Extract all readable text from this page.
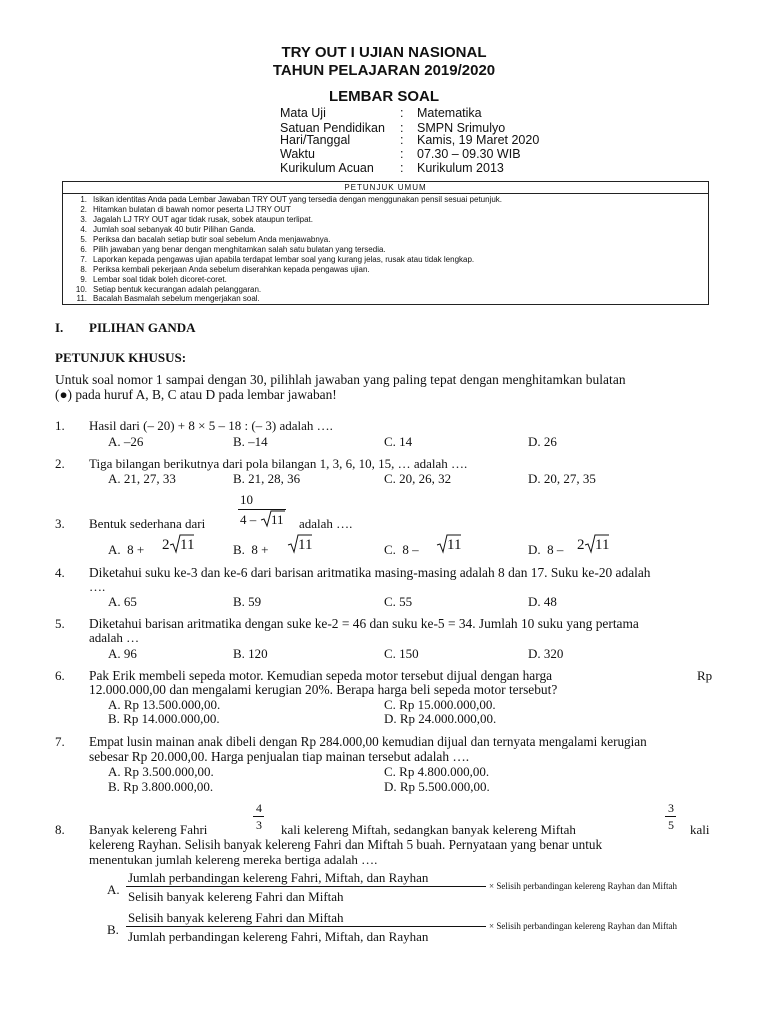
TRY OUT I UJIAN NASIONAL
TAHUN PELAJARAN 2019/2020
LEMBAR SOAL
Mata Uji	: Matematika
Satuan Pendidikan : SMPN Srimulyo
Hari/Tanggal	: Kamis, 19 Maret 2020
Waktu	: 07.30 – 09.30 WIB
Kurikulum Acuan : Kurikulum 2013
PETUNJUK UMUM
1. Isikan identitas Anda pada Lembar Jawaban TRY OUT yang tersedia dengan menggunakan pensil sesuai petunjuk.
2. Hitamkan bulatan di bawah nomor peserta LJ TRY OUT
3. Jagalah LJ TRY OUT agar tidak rusak, sobek ataupun terlipat.
4. Jumlah soal sebanyak 40 butir Pilihan Ganda.
5. Periksa dan bacalah setiap butir soal sebelum Anda menjawabnya.
6. Pilih jawaban yang benar dengan menghitamkan salah satu bulatan yang tersedia.
7. Laporkan kepada pengawas ujian apabila terdapat lembar soal yang kurang jelas, rusak atau tidak lengkap.
8. Periksa kembali pekerjaan Anda sebelum diserahkan kepada pengawas ujian.
9. Lembar soal tidak boleh dicoret-coret.
10. Setiap bentuk kecurangan adalah pelanggaran.
11. Bacalah Basmalah sebelum mengerjakan soal.
I. PILIHAN GANDA
PETUNJUK KHUSUS:
Untuk soal nomor 1 sampai dengan 30, pilihlah jawaban yang paling tepat dengan menghitamkan bulatan
(●) pada huruf A, B, C atau D pada lembar jawaban!
1. Hasil dari (– 20) + 8 × 5 – 18 : (– 3) adalah ….
A. –26	B. –14	C. 14	D. 26
2. Tiga bilangan berikutnya dari pola bilangan 1, 3, 6, 10, 15, … adalah ….
A. 21, 27, 33	B. 21, 28, 36	C. 20, 26, 32	D. 20, 27, 35
3. Bentuk sederhana dari
10
4 – 11 adalah ….
A. 8 + 2 11	B. 8 + 11	C. 8 – 11	D. 8 – 2 11
4. Diketahui suku ke-3 dan ke-6 dari barisan aritmatika masing-masing adalah 8 dan 17. Suku ke-20 adalah
….
A. 65	B. 59	C. 55	D. 48
5. Diketahui barisan aritmatika dengan suke ke-2 = 46 dan suku ke-5 = 34. Jumlah 10 suku yang pertama
adalah …
A. 96	B. 120	C. 150	D. 320
6. Pak Erik membeli sepeda motor. Kemudian sepeda motor tersebut dijual dengan harga	Rp
12.000.000,00 dan mengalami kerugian 20%. Berapa harga beli sepeda motor tersebut?
A. Rp 13.500.000,00.	C. Rp 15.000.000,00.
B. Rp 14.000.000,00.	D. Rp 24.000.000,00.
7. Empat lusin mainan anak dibeli dengan Rp 284.000,00 kemudian dijual dan ternyata mengalami kerugian
sebesar Rp 20.000,00. Harga penjualan tiap mainan tersebut adalah ….
A. Rp 3.500.000,00.	C. Rp 4.800.000,00.
B. Rp 3.800.000,00.	D. Rp 5.500.000,00.
8. Banyak kelereng Fahri
4
3 kali kelereng Miftah, sedangkan banyak kelereng Miftah
3
5 kali
kelereng Rayhan. Selisih banyak kelereng Fahri dan Miftah 5 buah. Pernyataan yang benar untuk
menentukan jumlah kelereng mereka bertiga adalah ….
A.
Jumlah perbandingan kelereng Fahri, Miftah, dan Rayhan
Selisih banyak kelereng Fahri dan Miftah
× Selisih perbandingan kelereng Rayhan dan Miftah
B.
Selisih banyak kelereng Fahri dan Miftah
Jumlah perbandingan kelereng Fahri, Miftah, dan Rayhan
× Selisih perbandingan kelereng Rayhan dan Miftah
